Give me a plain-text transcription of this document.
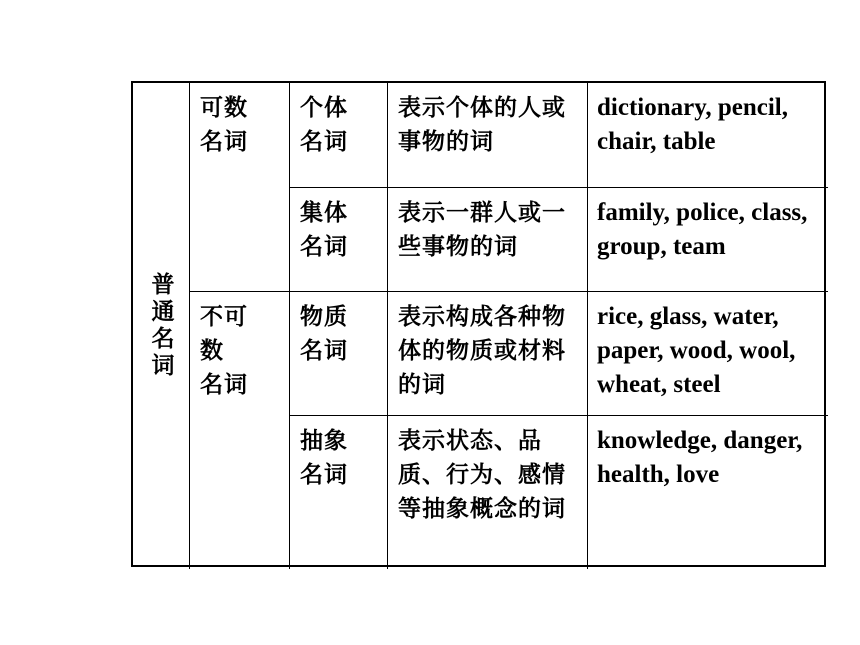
普通名词
可数
名词
个体名词
表示个体的人或事物的词
dictionary, pencil, chair, table
集体名词
表示一群人或一些事物的词
family, police, class, group, team
不可数
名词
物质名词
表示构成各种物体的物质或材料的词
rice, glass, water, paper, wood, wool, wheat, steel
抽象名词
表示状态、品质、行为、感情等抽象概念的词
knowledge, danger, health, love
